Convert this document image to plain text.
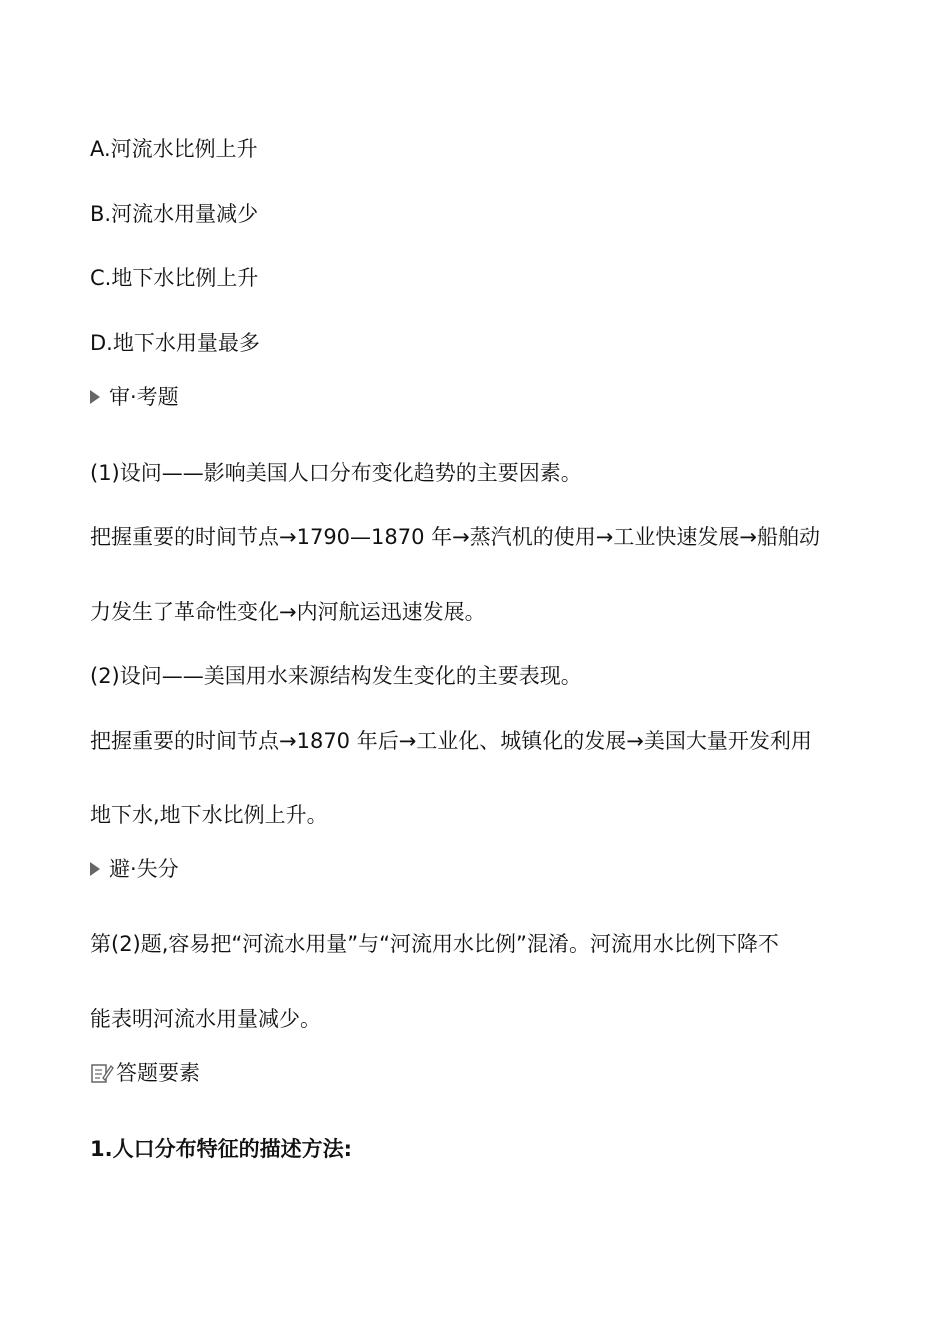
A.河流水比例上升
B.河流水用量减少
C.地下水比例上升
D.地下水用量最多
审·考题
(1)设问——影响美国人口分布变化趋势的主要因素。
把握重要的时间节点→1790—1870 年→蒸汽机的使用→工业快速发展→船舶动
力发生了革命性变化→内河航运迅速发展。
(2)设问——美国用水来源结构发生变化的主要表现。
把握重要的时间节点→1870 年后→工业化、城镇化的发展→美国大量开发利用
地下水,地下水比例上升。
避·失分
第(2)题,容易把“河流水用量”与“河流用水比例”混淆。河流用水比例下降不
能表明河流水用量减少。
答题要素
1.人口分布特征的描述方法:
